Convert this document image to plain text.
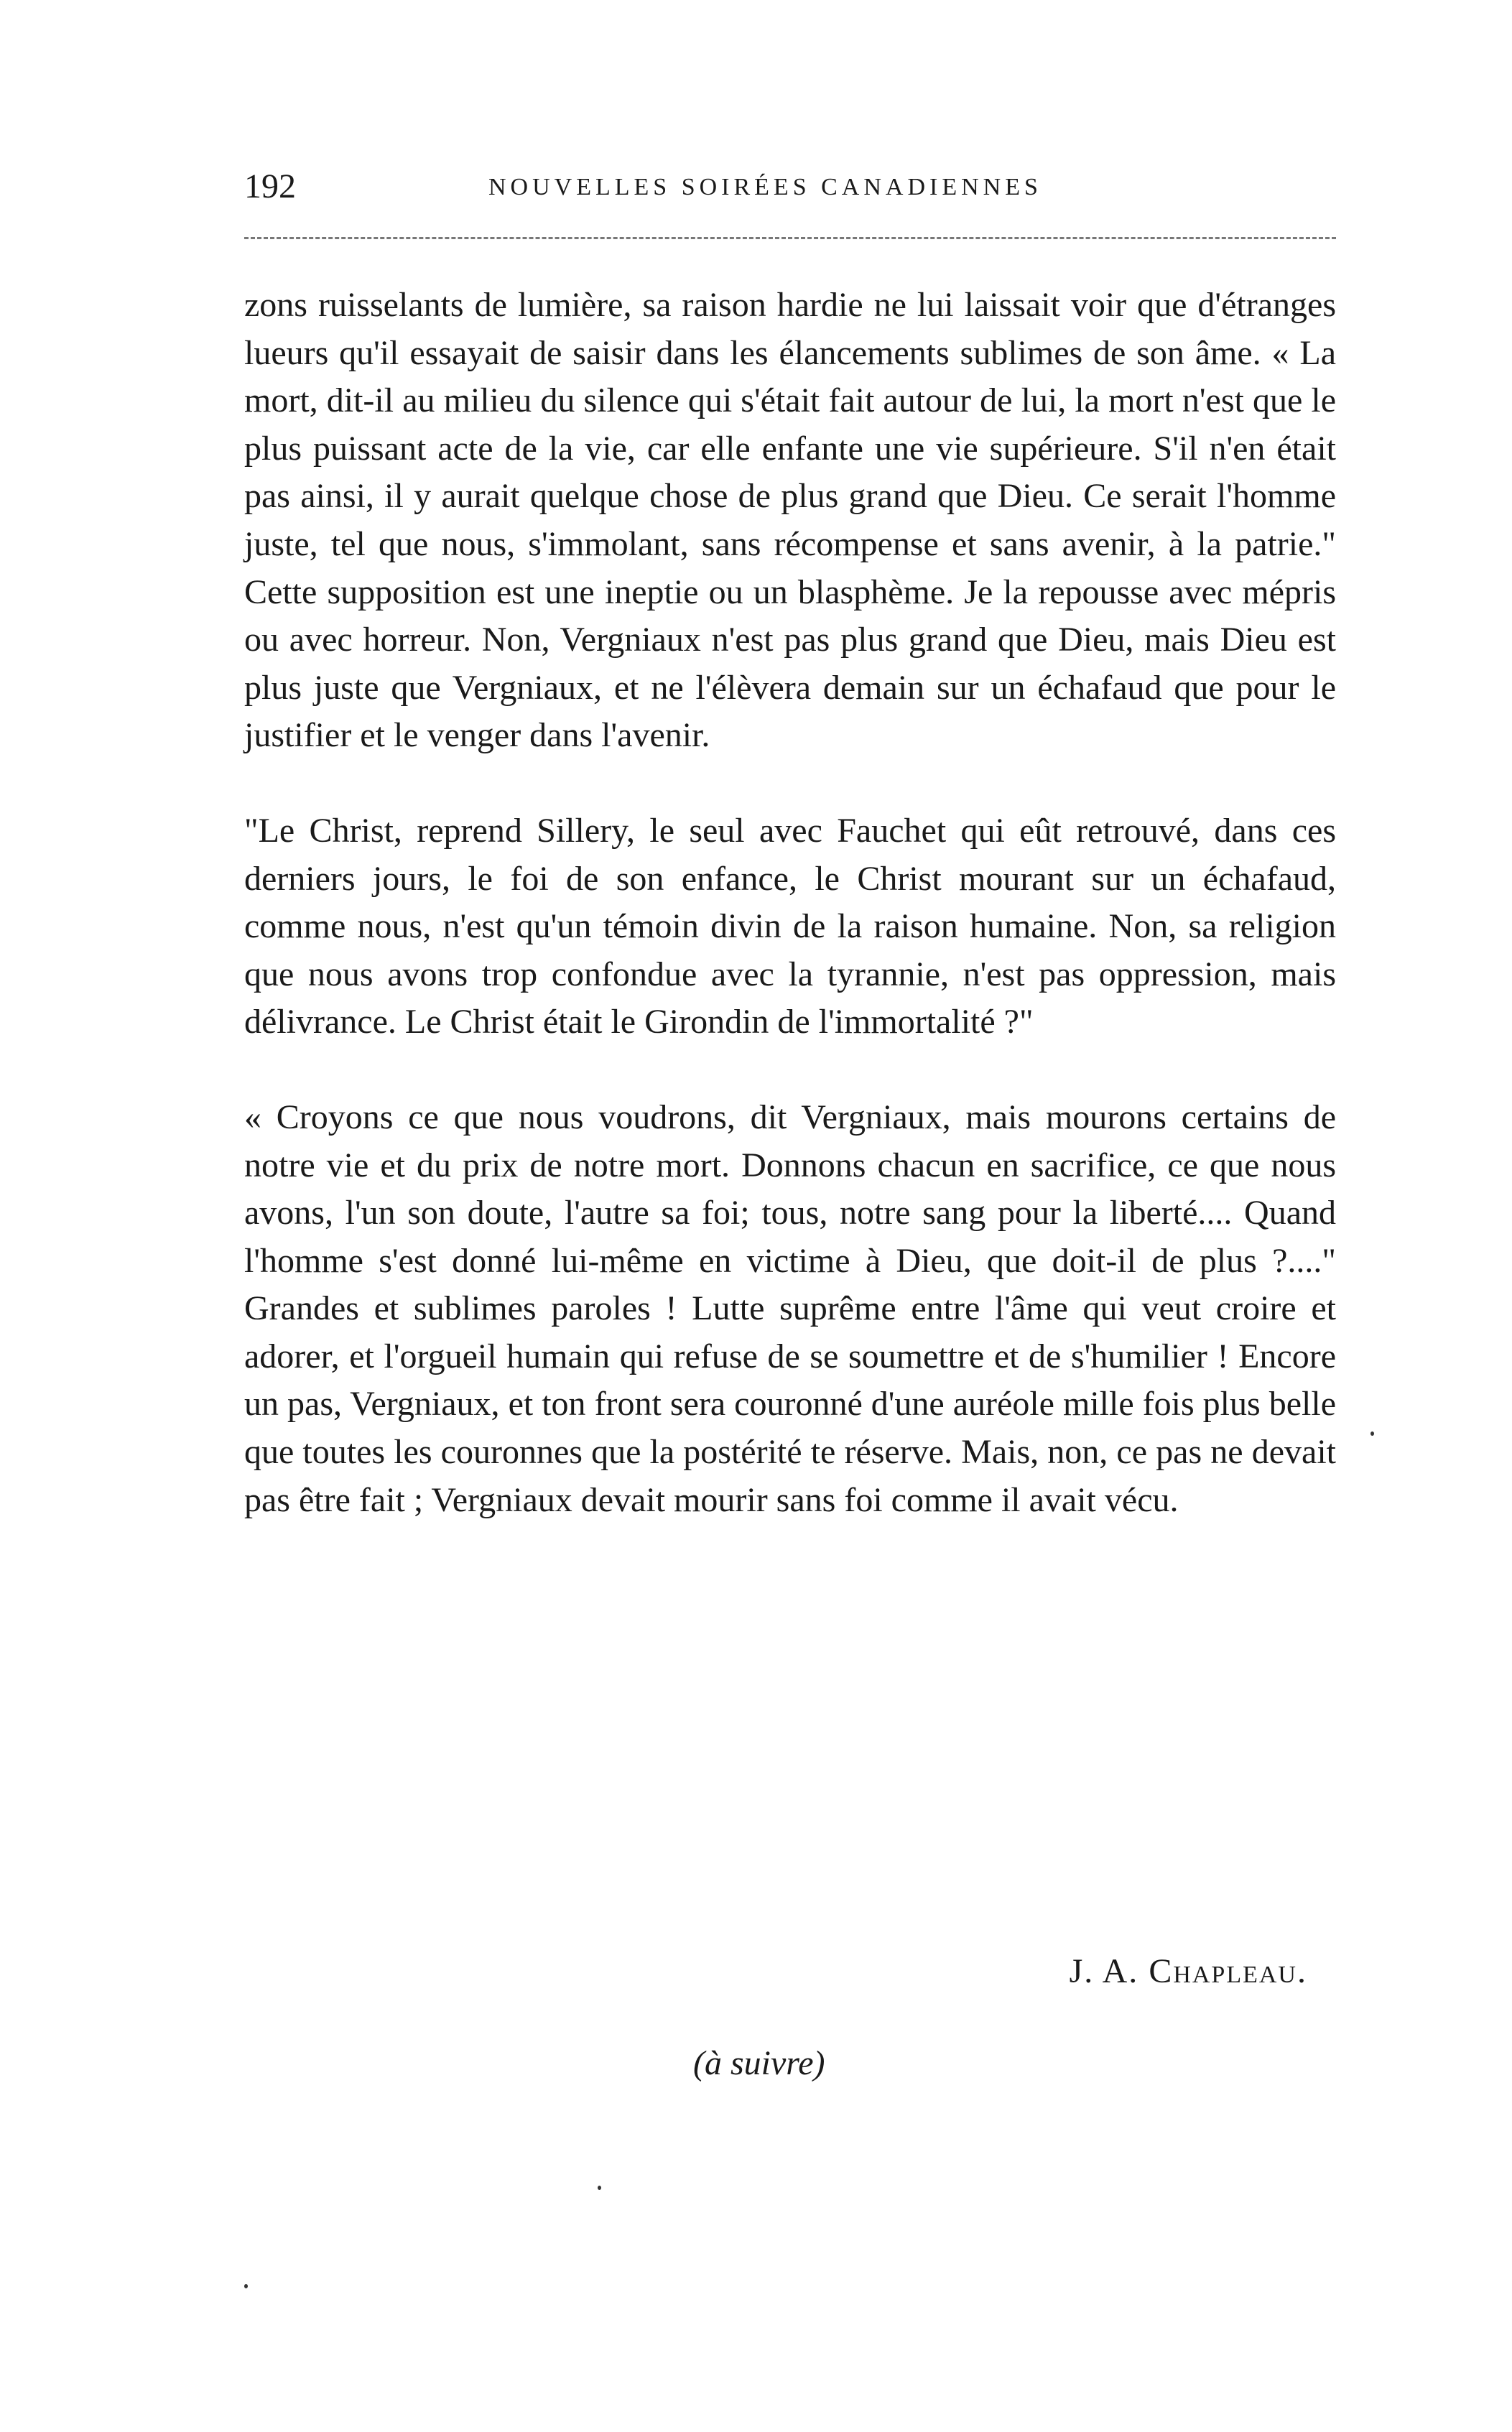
192	NOUVELLES SOIRÉES CANADIENNES

zons ruisselants de lumière, sa raison hardie ne lui laissait voir que d'étranges lueurs qu'il essayait de saisir dans les élancements sublimes de son âme. « La mort, dit-il au milieu du silence qui s'était fait autour de lui, la mort n'est que le plus puissant acte de la vie, car elle enfante une vie supérieure. S'il n'en était pas ainsi, il y aurait quelque chose de plus grand que Dieu. Ce serait l'homme juste, tel que nous, s'immolant, sans récompense et sans avenir, à la patrie." Cette supposition est une ineptie ou un blasphème. Je la repousse avec mépris ou avec horreur. Non, Vergniaux n'est pas plus grand que Dieu, mais Dieu est plus juste que Vergniaux, et ne l'élèvera demain sur un échafaud que pour le justifier et le venger dans l'avenir.

"Le Christ, reprend Sillery, le seul avec Fauchet qui eût retrouvé, dans ces derniers jours, le foi de son enfance, le Christ mourant sur un échafaud, comme nous, n'est qu'un témoin divin de la raison humaine. Non, sa religion que nous avons trop confondue avec la tyrannie, n'est pas oppression, mais délivrance. Le Christ était le Girondin de l'immortalité ?"

« Croyons ce que nous voudrons, dit Vergniaux, mais mourons certains de notre vie et du prix de notre mort. Donnons chacun en sacrifice, ce que nous avons, l'un son doute, l'autre sa foi; tous, notre sang pour la liberté.... Quand l'homme s'est donné lui-même en victime à Dieu, que doit-il de plus ?...." Grandes et sublimes paroles ! Lutte suprême entre l'âme qui veut croire et adorer, et l'orgueil humain qui refuse de se soumettre et de s'humilier ! Encore un pas, Vergniaux, et ton front sera couronné d'une auréole mille fois plus belle que toutes les couronnes que la postérité te réserve. Mais, non, ce pas ne devait pas être fait ; Vergniaux devait mourir sans foi comme il avait vécu.

J. A. Chapleau.
(à suivre)
